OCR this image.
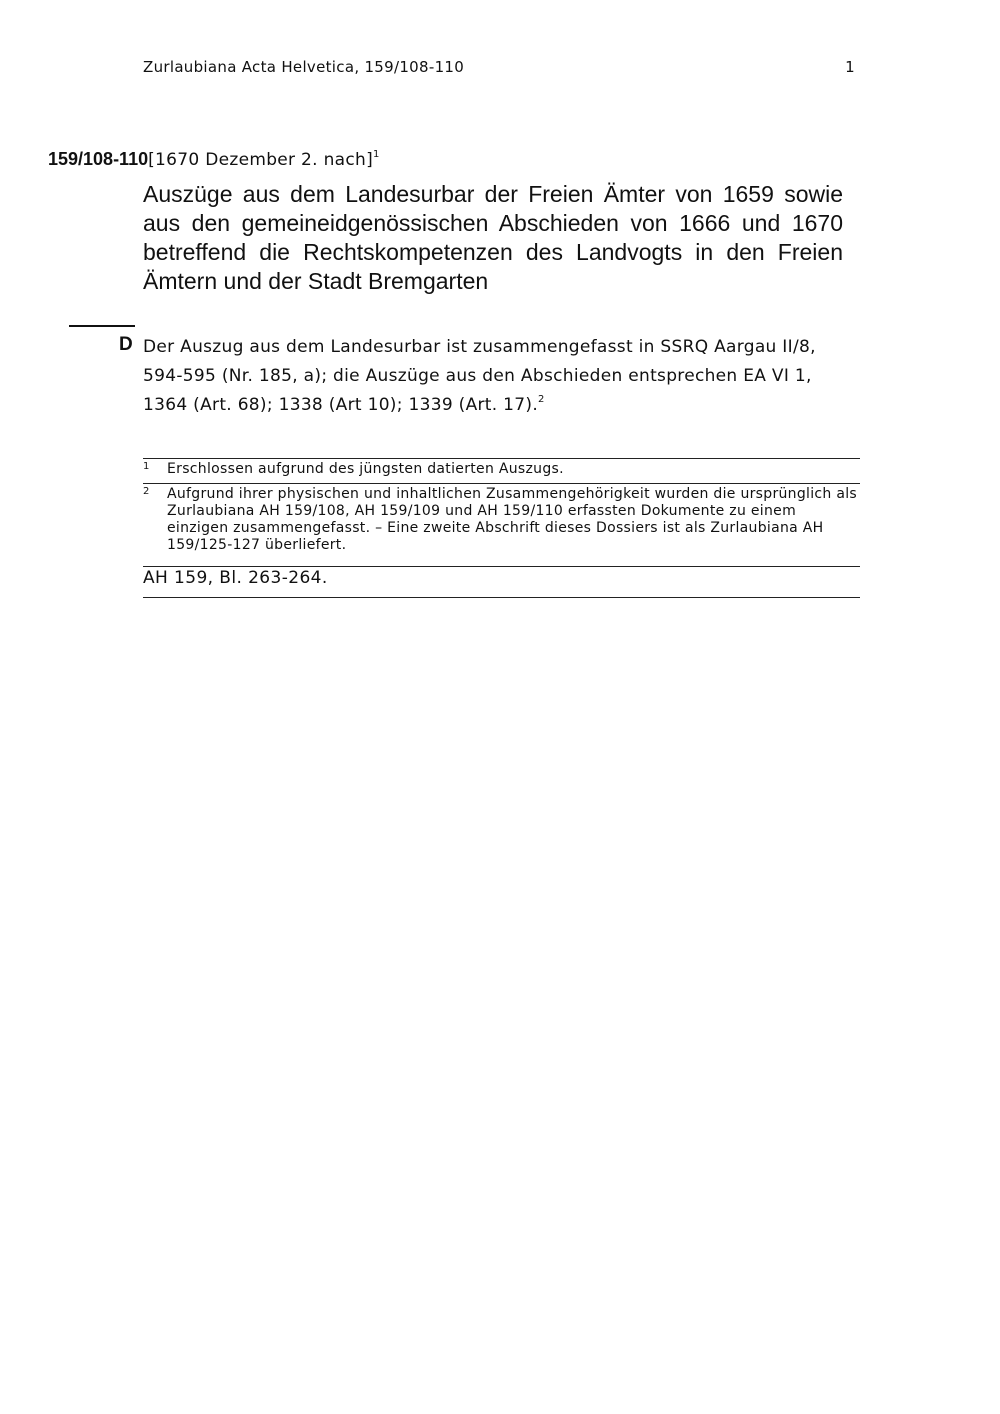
Zurlaubiana Acta Helvetica, 159/108-110	1
159/108-110[1670 Dezember 2. nach]$^1$
Auszüge aus dem Landesurbar der Freien Ämter von 1659 sowie aus den gemeineidgenössischen Abschieden von 1666 und 1670 betreffend die Rechtskompetenzen des Landvogts in den Freien Ämtern und der Stadt Bremgarten
D Der Auszug aus dem Landesurbar ist zusammengefasst in SSRQ Aargau II/8, 594-595 (Nr. 185, a); die Auszüge aus den Abschieden entsprechen EA VI 1, 1364 (Art. 68); 1338 (Art 10); 1339 (Art. 17).$^2$
1 Erschlossen aufgrund des jüngsten datierten Auszugs.
2 Aufgrund ihrer physischen und inhaltlichen Zusammengehörigkeit wurden die ursprünglich als Zurlaubiana AH 159/108, AH 159/109 und AH 159/110 erfassten Dokumente zu einem einzigen zusammengefasst. – Eine zweite Abschrift dieses Dossiers ist als Zurlaubiana AH 159/125-127 überliefert.
AH 159, Bl. 263-264.
